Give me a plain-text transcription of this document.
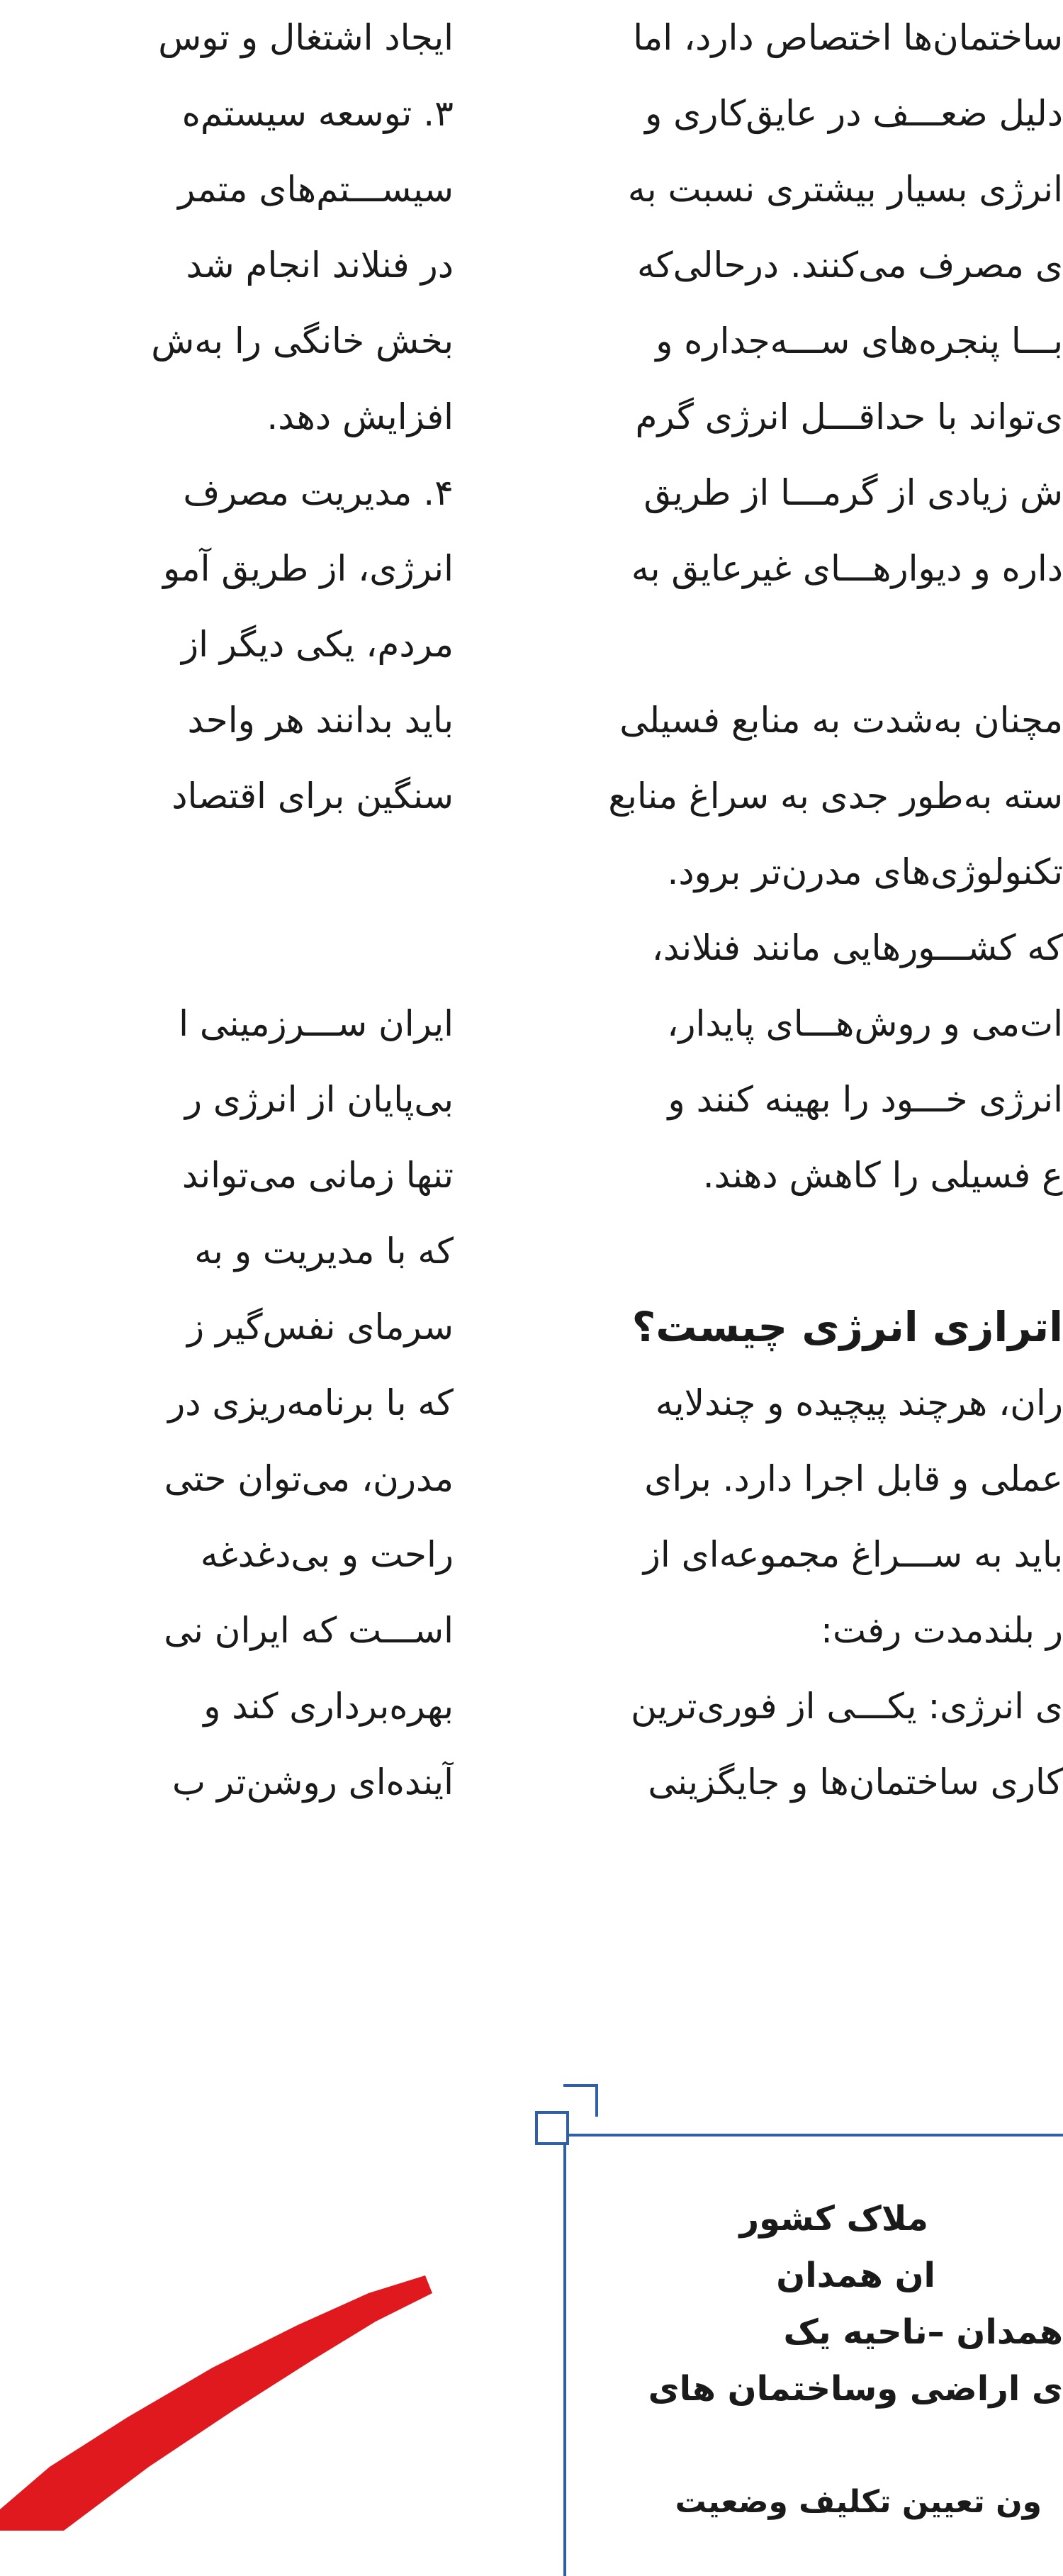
ایجاد اشتغال و توس
۳. توسعه سیستم‌ه
سیســـتم‌های متمر
در فنلاند انجام شد
بخش خانگی را به‌ش
افزایش دهد.
۴. مدیریت مصرف
انرژی، از طریق آمو
مردم، یکی دیگر از
باید بدانند هر واحد
سنگین برای اقتصاد
ایران ســـرزمینی ا
بی‌پایان از انرژی ر
تنها زمانی می‌تواند
که با مدیریت و به
سرمای نفس‌گیر ز
که با برنامه‌ریزی در
مدرن، می‌توان حتی
راحت و بی‌دغدغه
اســـت که ایران نی
بهره‌برداری کند و
آینده‌ای روشن‌تر ب
ساختمان‌ها اختصاص دارد، اما
دلیل ضعـــف در عایق‌کاری و
انرژی بسیار بیشتری نسبت به
ی مصرف می‌کنند. درحالی‌که
بـــا پنجره‌های ســـه‌جداره و
ی‌تواند با حداقـــل انرژی گرم
ش زیادی از گرمـــا از طریق
داره و دیوارهـــای غیرعایق به
مچنان به‌شدت به منابع فسیلی
سته به‌طور جدی به سراغ منابع
تکنولوژی‌های مدرن‌تر برود.
که کشـــورهایی مانند فنلاند،
ات‌می و روش‌هـــای پایدار،
انرژی خـــود را بهینه کنند و
ع فسیلی را کاهش دهند.
اترازی انرژی چیست؟
ران، هرچند پیچیده و چندلایه
عملی و قابل اجرا دارد. برای
باید به ســـراغ مجموعه‌ای از
ر بلندمدت رفت:
ی انرژی: یکـــی از فوری‌ترین
کاری ساختمان‌ها و جایگزینی
ملاک کشور
ان همدان
همدان –ناحیه یک
ی اراضی وساختمان های

ون تعیین تکلیف وضعیت
